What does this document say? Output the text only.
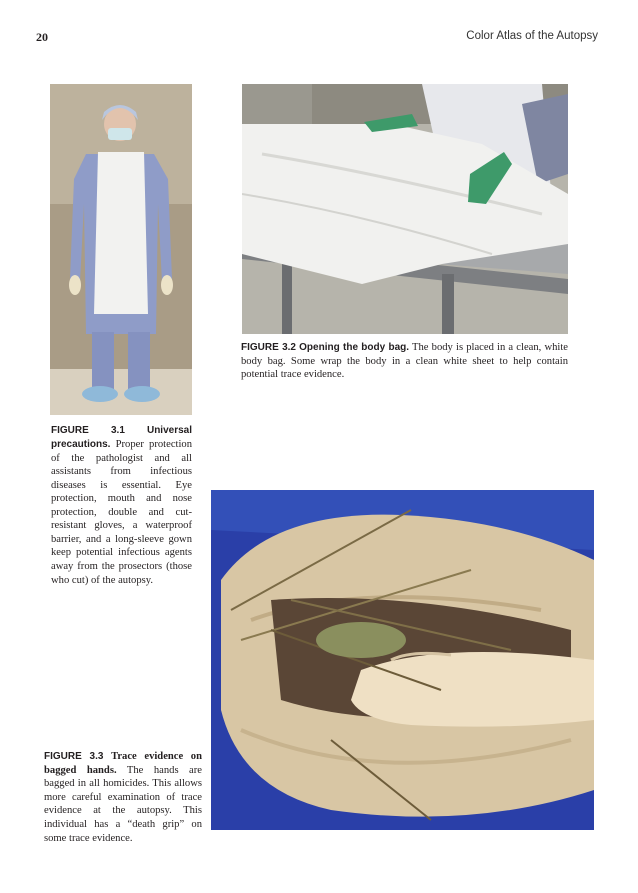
20	Color Atlas of the Autopsy
FIGURE 3.2 Opening the body bag. The body is placed in a clean, white body bag. Some wrap the body in a clean white sheet to help contain potential trace evidence.
FIGURE 3.1 Universal precautions. Proper protection of the pathologist and all assistants from infectious diseases is essential. Eye protection, mouth and nose protection, double and cut-resistant gloves, a waterproof barrier, and a long-sleeve gown keep potential infectious agents away from the prosectors (those who cut) of the autopsy.
FIGURE 3.3 Trace evidence on bagged hands. The hands are bagged in all homicides. This allows more careful examination of trace evidence at the autopsy. This individual has a “death grip” on some trace evidence.
